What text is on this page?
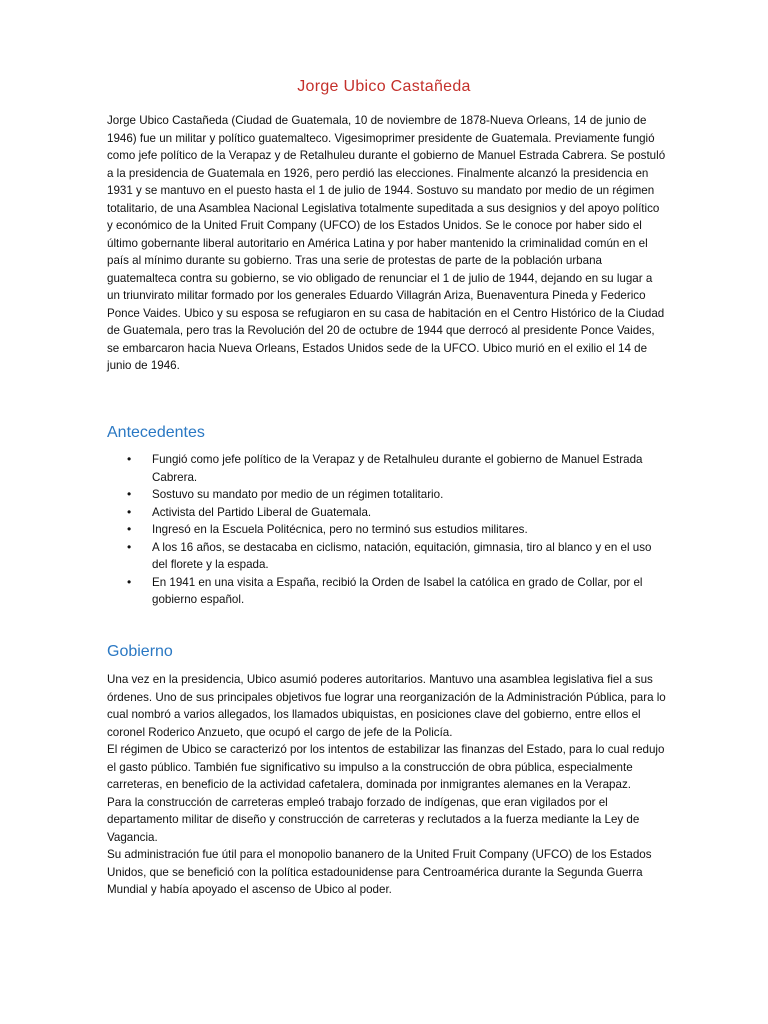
Jorge Ubico Castañeda

Jorge Ubico Castañeda (Ciudad de Guatemala, 10 de noviembre de 1878-Nueva Orleans, 14 de junio de 1946) fue un militar y político guatemalteco. Vigesimoprimer presidente de Guatemala. Previamente fungió como jefe político de la Verapaz y de Retalhuleu durante el gobierno de Manuel Estrada Cabrera. Se postuló a la presidencia de Guatemala en 1926, pero perdió las elecciones. Finalmente alcanzó la presidencia en 1931 y se mantuvo en el puesto hasta el 1 de julio de 1944. Sostuvo su mandato por medio de un régimen totalitario, de una Asamblea Nacional Legislativa totalmente supeditada a sus designios y del apoyo político y económico de la United Fruit Company (UFCO) de los Estados Unidos. Se le conoce por haber sido el último gobernante liberal autoritario en América Latina y por haber mantenido la criminalidad común en el país al mínimo durante su gobierno. Tras una serie de protestas de parte de la población urbana guatemalteca contra su gobierno, se vio obligado de renunciar el 1 de julio de 1944, dejando en su lugar a un triunvirato militar formado por los generales Eduardo Villagrán Ariza, Buenaventura Pineda y Federico Ponce Vaides. Ubico y su esposa se refugiaron en su casa de habitación en el Centro Histórico de la Ciudad de Guatemala, pero tras la Revolución del 20 de octubre de 1944 que derrocó al presidente Ponce Vaides, se embarcaron hacia Nueva Orleans, Estados Unidos sede de la UFCO. Ubico murió en el exilio el 14 de junio de 1946.

Antecedentes
• Fungió como jefe político de la Verapaz y de Retalhuleu durante el gobierno de Manuel Estrada Cabrera.
• Sostuvo su mandato por medio de un régimen totalitario.
• Activista del Partido Liberal de Guatemala.
• Ingresó en la Escuela Politécnica, pero no terminó sus estudios militares.
• A los 16 años, se destacaba en ciclismo, natación, equitación, gimnasia, tiro al blanco y en el uso del florete y la espada.
• En 1941 en una visita a España, recibió la Orden de Isabel la católica en grado de Collar, por el gobierno español.
Gobierno

Una vez en la presidencia, Ubico asumió poderes autoritarios. Mantuvo una asamblea legislativa fiel a sus órdenes. Uno de sus principales objetivos fue lograr una reorganización de la Administración Pública, para lo cual nombró a varios allegados, los llamados ubiquistas, en posiciones clave del gobierno, entre ellos el coronel Roderico Anzueto, que ocupó el cargo de jefe de la Policía.

El régimen de Ubico se caracterizó por los intentos de estabilizar las finanzas del Estado, para lo cual redujo el gasto público. También fue significativo su impulso a la construcción de obra pública, especialmente carreteras, en beneficio de la actividad cafetalera, dominada por inmigrantes alemanes en la Verapaz.

Para la construcción de carreteras empleó trabajo forzado de indígenas, que eran vigilados por el departamento militar de diseño y construcción de carreteras y reclutados a la fuerza mediante la Ley de Vagancia.

Su administración fue útil para el monopolio bananero de la United Fruit Company (UFCO) de los Estados Unidos, que se benefició con la política estadounidense para Centroamérica durante la Segunda Guerra Mundial y había apoyado el ascenso de Ubico al poder.
